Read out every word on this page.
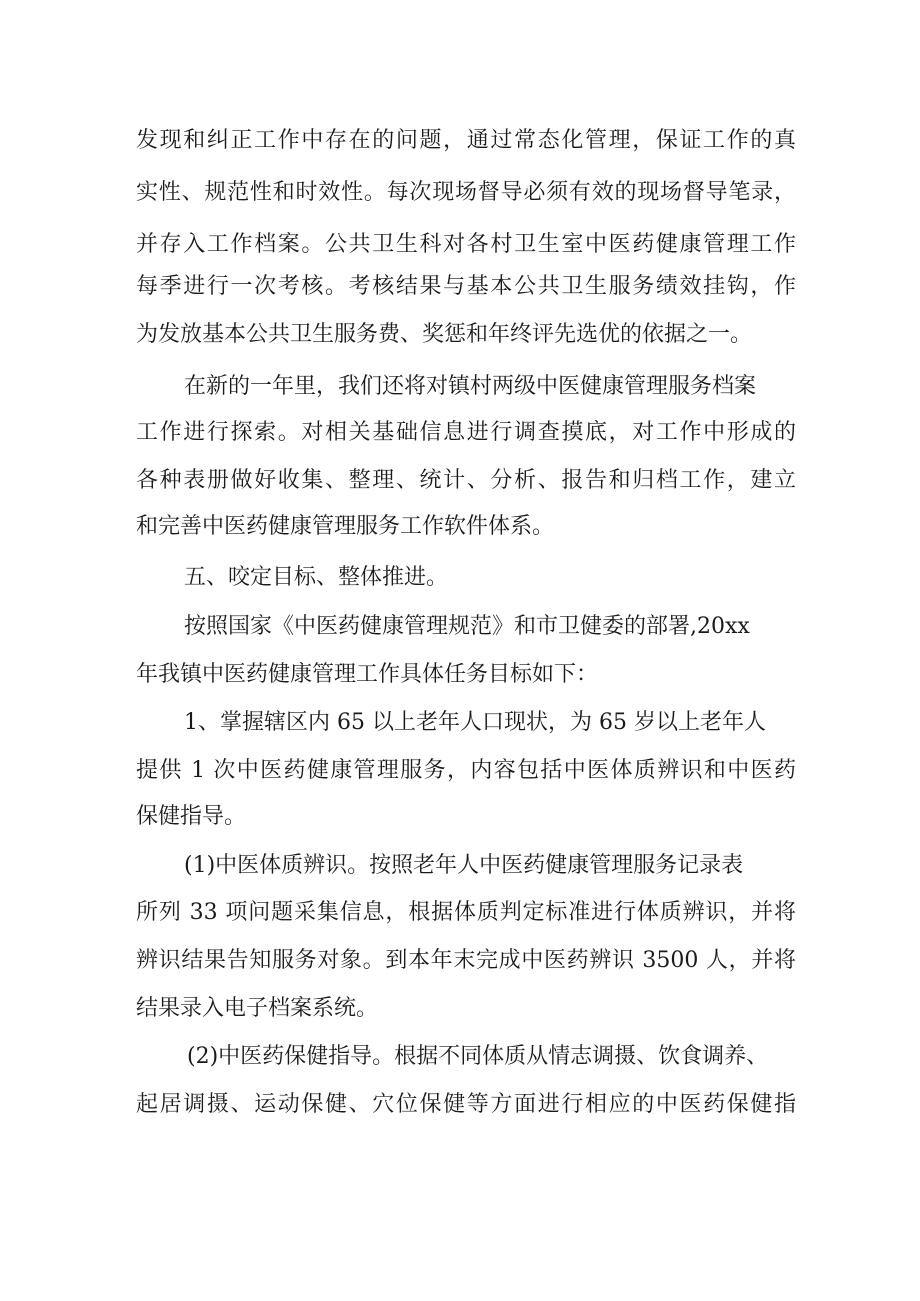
发现和纠正工作中存在的问题，通过常态化管理，保证工作的真
实性、规范性和时效性。每次现场督导必须有效的现场督导笔录，
并存入工作档案。公共卫生科对各村卫生室中医药健康管理工作
每季进行一次考核。考核结果与基本公共卫生服务绩效挂钩，作
为发放基本公共卫生服务费、奖惩和年终评先选优的依据之一。
在新的一年里，我们还将对镇村两级中医健康管理服务档案
工作进行探索。对相关基础信息进行调查摸底，对工作中形成的
各种表册做好收集、整理、统计、分析、报告和归档工作，建立
和完善中医药健康管理服务工作软件体系。
五、咬定目标、整体推进。
按照国家《中医药健康管理规范》和市卫健委的部署,20xx
年我镇中医药健康管理工作具体任务目标如下：
1、掌握辖区内 65 以上老年人口现状，为 65 岁以上老年人
提供 1 次中医药健康管理服务，内容包括中医体质辨识和中医药
保健指导。
(1)中医体质辨识。按照老年人中医药健康管理服务记录表
所列 33 项问题采集信息，根据体质判定标准进行体质辨识，并将
辨识结果告知服务对象。到本年末完成中医药辨识 3500 人，并将
结果录入电子档案系统。
(2)中医药保健指导。根据不同体质从情志调摄、饮食调养、
起居调摄、运动保健、穴位保健等方面进行相应的中医药保健指
